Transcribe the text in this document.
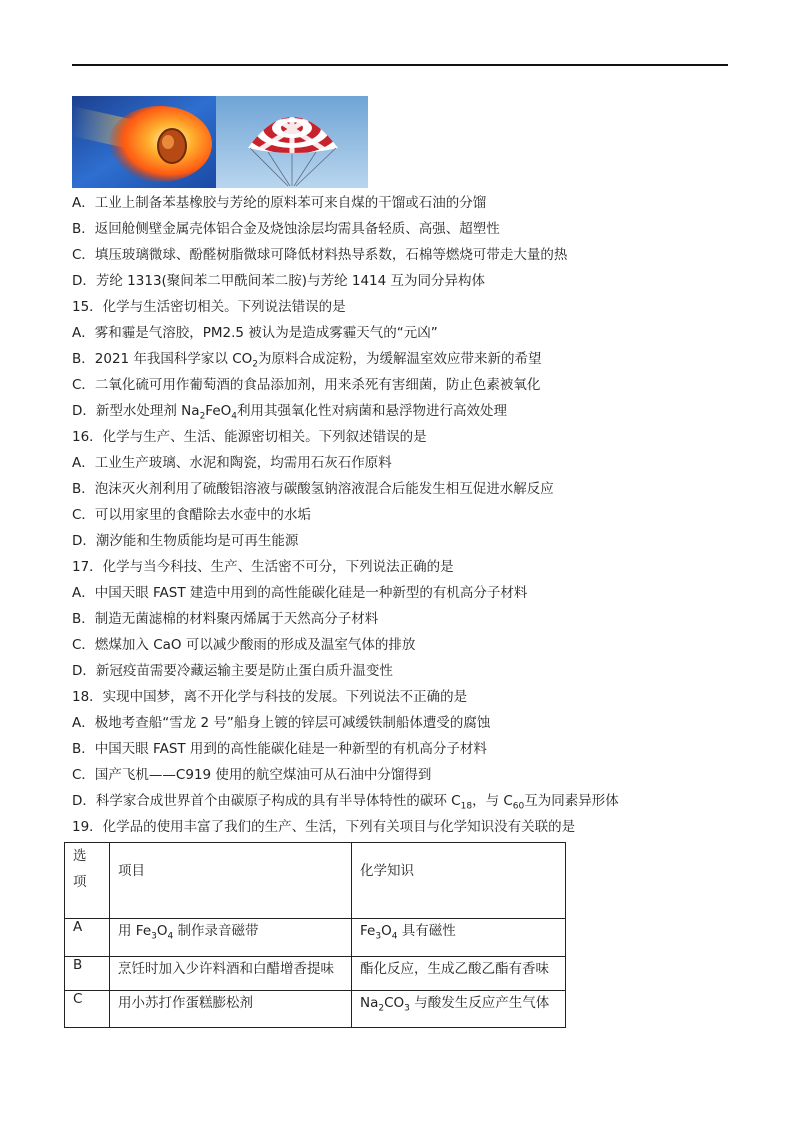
A．工业上制备苯基橡胶与芳纶的原料苯可来自煤的干馏或石油的分馏
B．返回舱侧壁金属壳体铝合金及烧蚀涂层均需具备轻质、高强、超塑性
C．填压玻璃微球、酚醛树脂微球可降低材料热导系数，石棉等燃烧可带走大量的热
D．芳纶 1313(聚间苯二甲酰间苯二胺)与芳纶 1414 互为同分异构体
15．化学与生活密切相关。下列说法错误的是
A．雾和霾是气溶胶，PM2.5 被认为是造成雾霾天气的“元凶”
B．2021 年我国科学家以 $CO_2$为原料合成淀粉，为缓解温室效应带来新的希望
C．二氧化硫可用作葡萄酒的食品添加剂，用来杀死有害细菌，防止色素被氧化
D．新型水处理剂 $Na_2FeO_4$利用其强氧化性对病菌和悬浮物进行高效处理
16．化学与生产、生活、能源密切相关。下列叙述错误的是
A．工业生产玻璃、水泥和陶瓷，均需用石灰石作原料
B．泡沫灭火剂利用了硫酸铝溶液与碳酸氢钠溶液混合后能发生相互促进水解反应
C．可以用家里的食醋除去水壶中的水垢
D．潮汐能和生物质能均是可再生能源
17．化学与当今科技、生产、生活密不可分，下列说法正确的是
A．中国天眼 FAST 建造中用到的高性能碳化硅是一种新型的有机高分子材料
B．制造无菌滤棉的材料聚丙烯属于天然高分子材料
C．燃煤加入 CaO 可以减少酸雨的形成及温室气体的排放
D．新冠疫苗需要冷藏运输主要是防止蛋白质升温变性
18．实现中国梦，离不开化学与科技的发展。下列说法不正确的是
A．极地考查船“雪龙 2 号”船身上镀的锌层可减缓铁制船体遭受的腐蚀
B．中国天眼 FAST 用到的高性能碳化硅是一种新型的有机高分子材料
C．国产飞机——C919 使用的航空煤油可从石油中分馏得到
D．科学家合成世界首个由碳原子构成的具有半导体特性的碳环 $C_{18}$，与 $C_{60}$互为同素异形体
19．化学品的使用丰富了我们的生产、生活，下列有关项目与化学知识没有关联的是
选项	项目	化学知识
A	用 $Fe_3O_4$ 制作录音磁带	$Fe_3O_4$ 具有磁性
B	烹饪时加入少许料酒和白醋增香提味	酯化反应，生成乙酸乙酯有香味
C	用小苏打作蛋糕膨松剂	$Na_2CO_3$ 与酸发生反应产生气体
